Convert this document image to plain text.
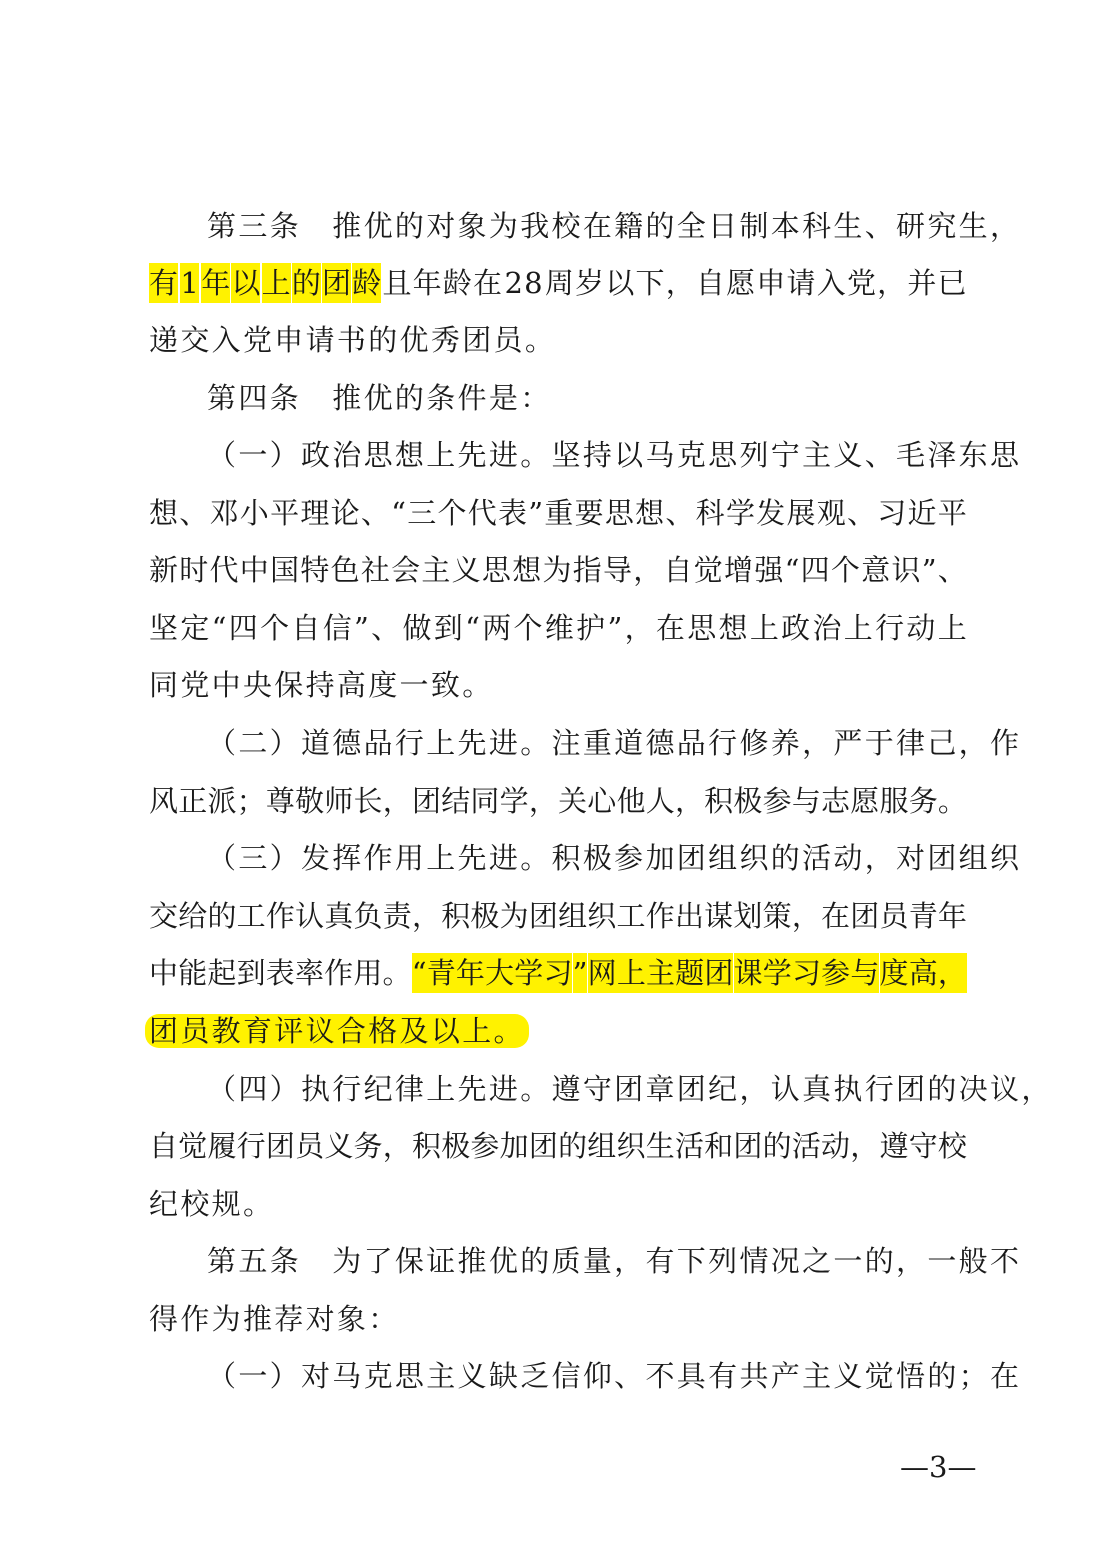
第三条　推优的对象为我校在籍的全日制本科生、研究生，
有 1 年 以 上 的 团 龄 且 年 龄 在 2 8 周 岁 以 下 ， 自 愿 申 请 入 党 ， 并 已
递交入党申请书的优秀团员。
第四条　推优的条件是：
（一）政治思想上先进。坚持以马克思列宁主义、毛泽东思
想 、 邓 小 平 理 论 、 “ 三 个 代 表 ” 重 要 思 想 、 科 学 发 展 观 、 习 近 平
新 时 代 中 国 特 色 社 会 主 义 思 想 为 指 导 ， 自 觉 增 强 “ 四 个 意 识 ” 、
坚 定 “ 四 个 自 信 ” 、 做 到 “ 两 个 维 护 ” ， 在 思 想 上 政 治 上 行 动 上
同党中央保持高度一致。
（二）道德品行上先进。注重道德品行修养，严于律己，作
风 正 派 ； 尊 敬 师 长 ， 团 结 同 学 ， 关 心 他 人 ， 积 极 参 与 志 愿 服 务 。
（三）发挥作用上先进。积极参加团组织的活动，对团组织
交 给 的 工 作 认 真 负 责 ， 积 极 为 团 组 织 工 作 出 谋 划 策 ， 在 团 员 青 年
中 能 起 到 表 率 作 用 。 “ 青 年 大 学 习 ” 网 上 主 题 团 课 学 习 参 与 度 高 ，
团员教育评议合格及以上。
（四）执行纪律上先进。遵守团章团纪，认真执行团的决议，
自 觉 履 行 团 员 义 务 ， 积 极 参 加 团 的 组 织 生 活 和 团 的 活 动 ， 遵 守 校
纪校规。
第五条　为了保证推优的质量，有下列情况之一的，一般不
得作为推荐对象：
（一）对马克思主义缺乏信仰、不具有共产主义觉悟的；在
—3—
